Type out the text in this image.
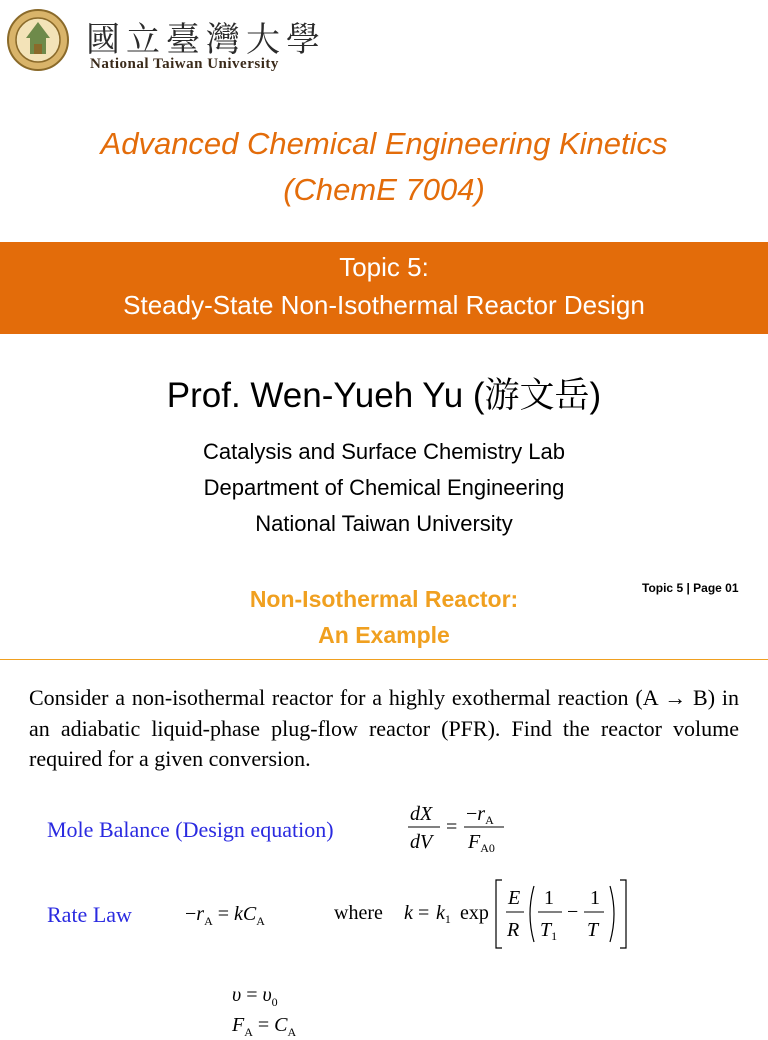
國立臺灣大學
National Taiwan University
Advanced Chemical Engineering Kinetics
(ChemE 7004)
Topic 5:
Steady-State Non-Isothermal Reactor Design
Prof. Wen-Yueh Yu (游文岳)
Catalysis and Surface Chemistry Lab
Department of Chemical Engineering
National Taiwan University
Topic 5 | Page 01
Non-Isothermal Reactor:
An Example
Consider a non-isothermal reactor for a highly exothermal reaction (A → B) in an adiabatic liquid-phase plug-flow reactor (PFR). Find the reactor volume required for a given conversion.
Mole Balance (Design equation)
dX
dV
=
$-r_A$
$F_{A0}$
Rate Law	$-r_A = kC_A$	where $k = k_1$ exp
E
R
1
$T_1$
−
1
T
$\upsilon = \upsilon_0$
$F_A = C_A$
